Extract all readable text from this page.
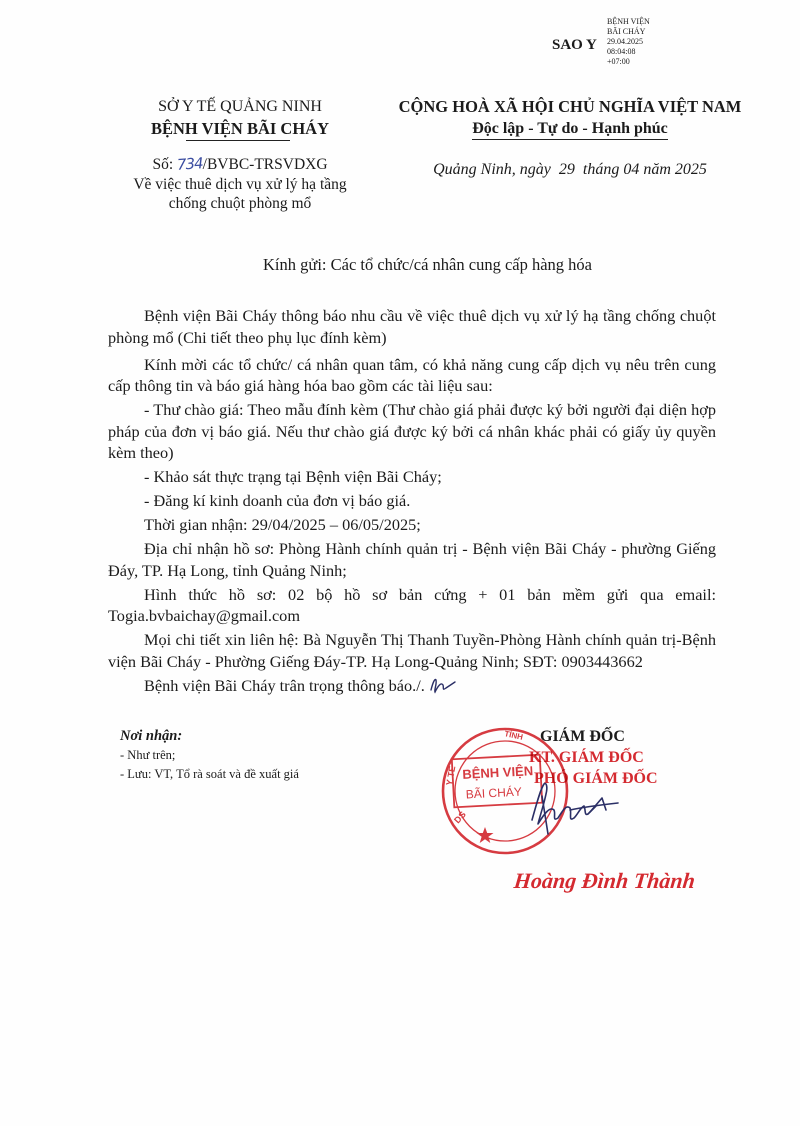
SAO Y
BỆNH VIỆN
BÃI CHÁY
29.04.2025
08:04:08
+07:00
SỞ Y TẾ QUẢNG NINH
BỆNH VIỆN BÃI CHÁY
CỘNG HOÀ XÃ HỘI CHỦ NGHĨA VIỆT NAM
Độc lập - Tự do - Hạnh phúc
Số: 734/BVBC-TRSVDXG
Về việc thuê dịch vụ xử lý hạ tầng
chống chuột phòng mổ
Quảng Ninh, ngày  29  tháng 04 năm 2025
Kính gửi: Các tổ chức/cá nhân cung cấp hàng hóa

Bệnh viện Bãi Cháy thông báo nhu cầu về việc thuê dịch vụ xử lý hạ tầng chống chuột phòng mổ (Chi tiết theo phụ lục đính kèm)

Kính mời các tổ chức/ cá nhân quan tâm, có khả năng cung cấp dịch vụ nêu trên cung cấp thông tin và báo giá hàng hóa bao gồm các tài liệu sau:

- Thư chào giá: Theo mẫu đính kèm (Thư chào giá phải được ký bởi người đại diện hợp pháp của đơn vị báo giá. Nếu thư chào giá được ký bởi cá nhân khác phải có giấy ủy quyền kèm theo)

- Khảo sát thực trạng tại Bệnh viện Bãi Cháy;

- Đăng kí kinh doanh của đơn vị báo giá.

Thời gian nhận: 29/04/2025 – 06/05/2025;

Địa chỉ nhận hồ sơ: Phòng Hành chính quản trị - Bệnh viện Bãi Cháy - phường Giếng Đáy, TP. Hạ Long, tỉnh Quảng Ninh;

Hình thức hồ sơ: 02 bộ hồ sơ bản cứng + 01 bản mềm gửi qua email: Togia.bvbaichay@gmail.com

Mọi chi tiết xin liên hệ: Bà Nguyễn Thị Thanh Tuyền-Phòng Hành chính quản trị-Bệnh viện Bãi Cháy - Phường Giếng Đáy-TP. Hạ Long-Quảng Ninh; SĐT: 0903443662

Bệnh viện Bãi Cháy trân trọng thông báo./.

Nơi nhận:
- Như trên;
- Lưu: VT, Tổ rà soát và đề xuất giá
GIÁM ĐỐC
KT. GIÁM ĐỐC
PHÓ GIÁM ĐỐC
Y TẾ
TỈNH
DS
BỆNH VIỆN
BÃI CHÁY
Hoàng Đình Thành
